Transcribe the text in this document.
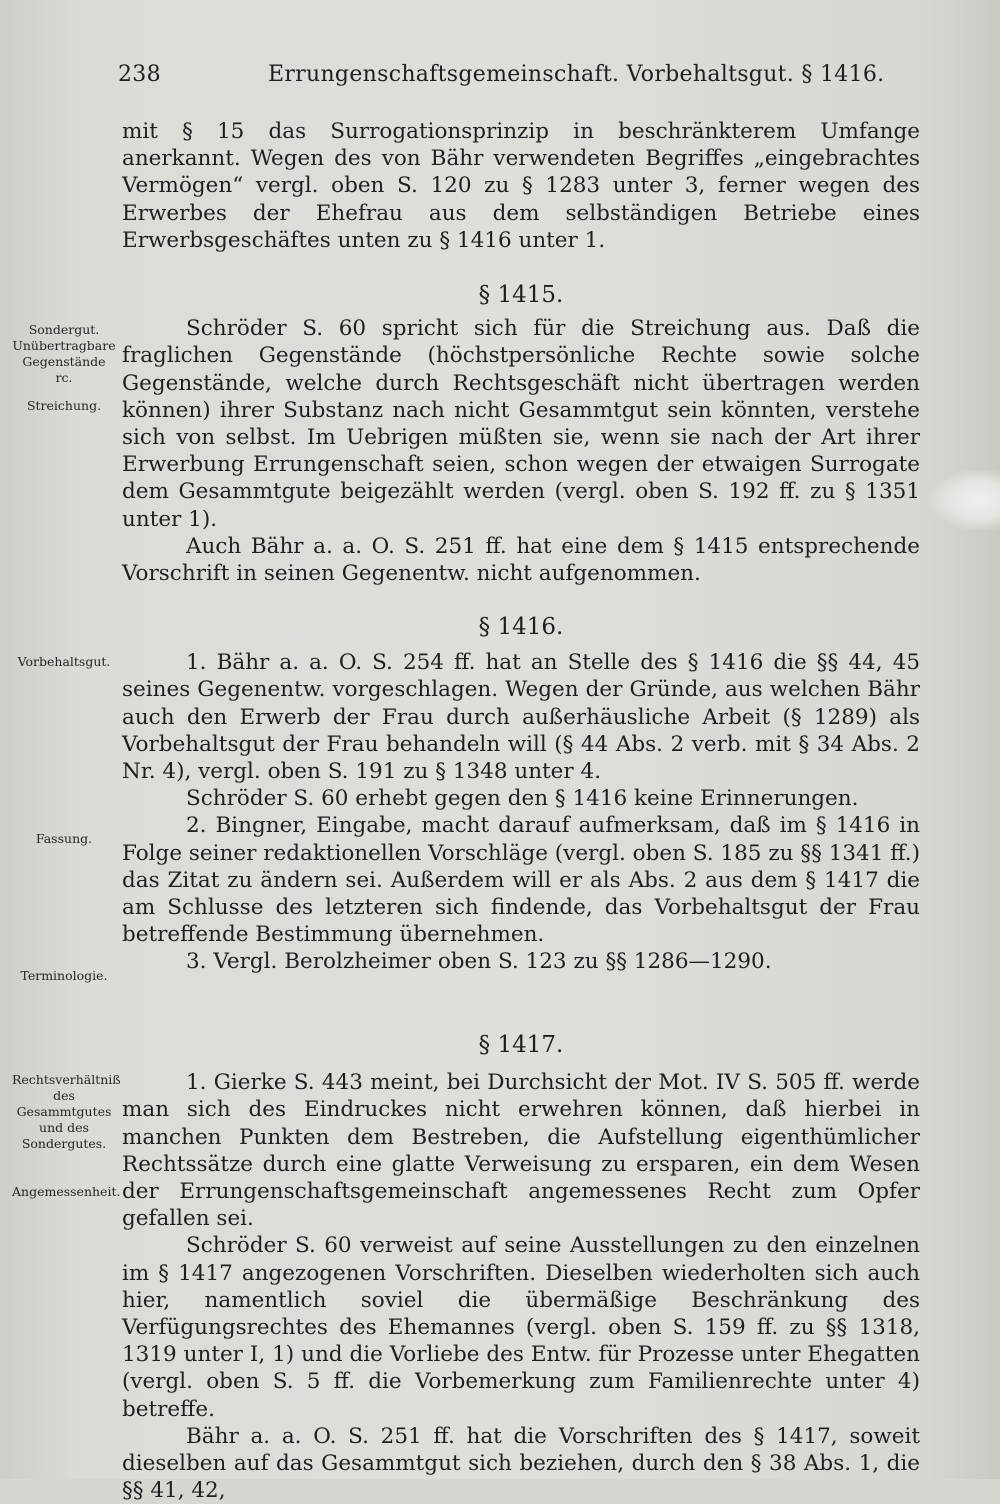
238	Errungenschaftsgemeinschaft. Vorbehaltsgut. § 1416.
Sondergut. Unübertragbare Gegenstände rc.
Streichung.
Vorbehaltsgut.
Fassung.
Terminologie.
Rechtsverhältniß des Gesammtgutes und des Sondergutes.
Angemessenheit.

mit § 15 das Surrogationsprinzip in beschränkterem Umfange anerkannt. Wegen des von Bähr verwendeten Begriffes „eingebrachtes Vermögen“ vergl. oben S. 120 zu § 1283 unter 3, ferner wegen des Erwerbes der Ehefrau aus dem selbständigen Betriebe eines Erwerbsgeschäftes unten zu § 1416 unter 1.

§ 1415.

Schröder S. 60 spricht sich für die Streichung aus. Daß die fraglichen Gegenstände (höchstpersönliche Rechte sowie solche Gegenstände, welche durch Rechtsgeschäft nicht übertragen werden können) ihrer Substanz nach nicht Gesammtgut sein könnten, verstehe sich von selbst. Im Uebrigen müßten sie, wenn sie nach der Art ihrer Erwerbung Errungenschaft seien, schon wegen der etwaigen Surrogate dem Gesammtgute beigezählt werden (vergl. oben S. 192 ff. zu § 1351 unter 1).

Auch Bähr a. a. O. S. 251 ff. hat eine dem § 1415 entsprechende Vorschrift in seinen Gegenentw. nicht aufgenommen.

§ 1416.

1. Bähr a. a. O. S. 254 ff. hat an Stelle des § 1416 die §§ 44, 45 seines Gegenentw. vorgeschlagen. Wegen der Gründe, aus welchen Bähr auch den Erwerb der Frau durch außerhäusliche Arbeit (§ 1289) als Vorbehaltsgut der Frau behandeln will (§ 44 Abs. 2 verb. mit § 34 Abs. 2 Nr. 4), vergl. oben S. 191 zu § 1348 unter 4.

Schröder S. 60 erhebt gegen den § 1416 keine Erinnerungen.

2. Bingner, Eingabe, macht darauf aufmerksam, daß im § 1416 in Folge seiner redaktionellen Vorschläge (vergl. oben S. 185 zu §§ 1341 ff.) das Zitat zu ändern sei. Außerdem will er als Abs. 2 aus dem § 1417 die am Schlusse des letzteren sich findende, das Vorbehaltsgut der Frau betreffende Bestimmung übernehmen.

3. Vergl. Berolzheimer oben S. 123 zu §§ 1286—1290.

§ 1417.

1. Gierke S. 443 meint, bei Durchsicht der Mot. IV S. 505 ff. werde man sich des Eindruckes nicht erwehren können, daß hierbei in manchen Punkten dem Bestreben, die Aufstellung eigenthümlicher Rechtssätze durch eine glatte Verweisung zu ersparen, ein dem Wesen der Errungenschaftsgemeinschaft angemessenes Recht zum Opfer gefallen sei.

Schröder S. 60 verweist auf seine Ausstellungen zu den einzelnen im § 1417 angezogenen Vorschriften. Dieselben wiederholten sich auch hier, namentlich soviel die übermäßige Beschränkung des Verfügungsrechtes des Ehemannes (vergl. oben S. 159 ff. zu §§ 1318, 1319 unter I, 1) und die Vorliebe des Entw. für Prozesse unter Ehegatten (vergl. oben S. 5 ff. die Vorbemerkung zum Familienrechte unter 4) betreffe.

Bähr a. a. O. S. 251 ff. hat die Vorschriften des § 1417, soweit dieselben auf das Gesammtgut sich beziehen, durch den § 38 Abs. 1, die §§ 41, 42,
